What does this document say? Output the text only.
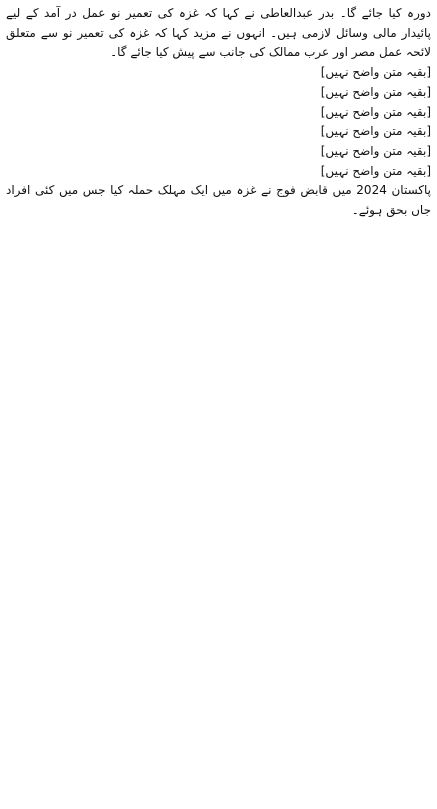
دورہ کیا جائے گا۔ بدر عبدالعاطی نے کہا کہ غزہ کی تعمیر نو عمل در آمد کے لیے پائیدار مالی وسائل لازمی ہیں۔ انہوں نے مزید کہا کہ غزہ کی تعمیر نو سے متعلق لائحہ عمل مصر اور عرب ممالک کی جانب سے پیش کیا جائے گا۔

[بقیہ متن واضح نہیں]

[بقیہ متن واضح نہیں]

[بقیہ متن واضح نہیں]

[بقیہ متن واضح نہیں]

[بقیہ متن واضح نہیں]

[بقیہ متن واضح نہیں]

پاکستان 2024 میں قابض فوج نے غزہ میں ایک مہلک حملہ کیا جس میں کئی افراد جاں بحق ہوئے۔
